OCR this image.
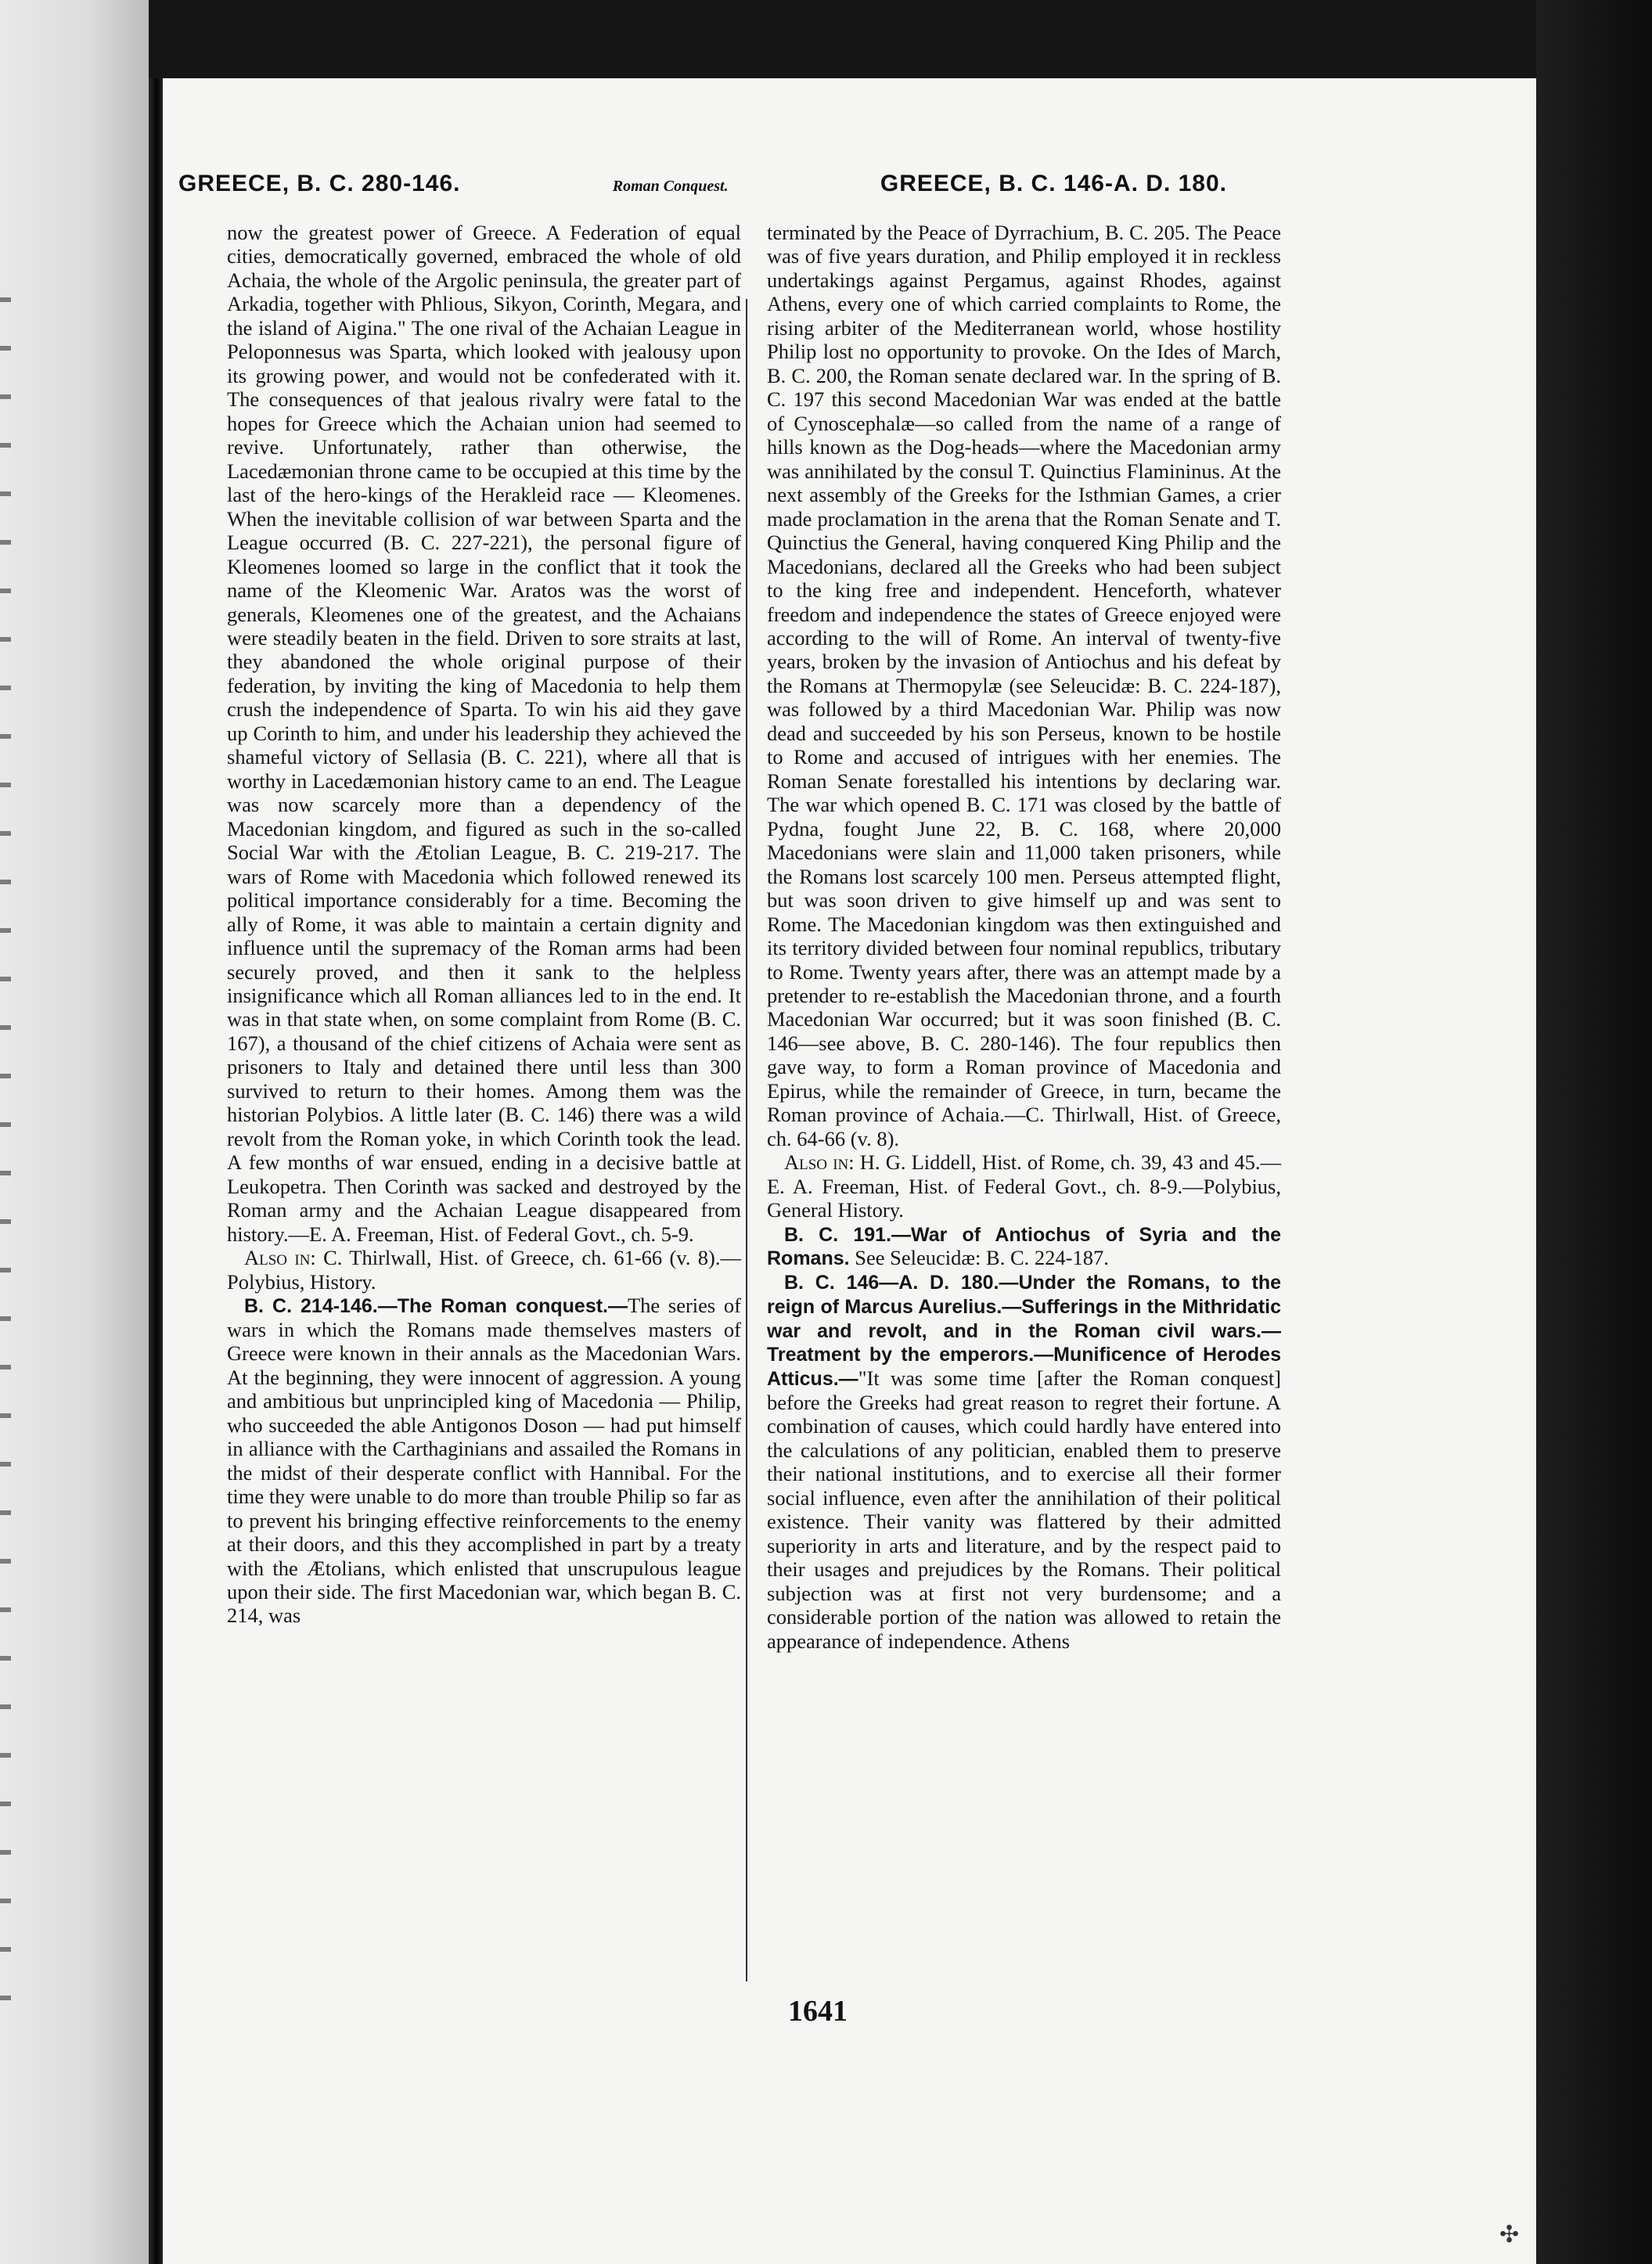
GREECE, B. C. 280-146.	Roman Conquest.	GREECE, B. C. 146-A. D. 180.

now the greatest power of Greece. A Federation of equal cities, democratically governed, embraced the whole of old Achaia, the whole of the Argolic peninsula, the greater part of Arkadia, together with Phlious, Sikyon, Corinth, Megara, and the island of Aigina." The one rival of the Achaian League in Peloponnesus was Sparta, which looked with jealousy upon its growing power, and would not be confederated with it. The consequences of that jealous rivalry were fatal to the hopes for Greece which the Achaian union had seemed to revive. Unfortunately, rather than otherwise, the Lacedæmonian throne came to be occupied at this time by the last of the hero-kings of the Herakleid race — Kleomenes. When the inevitable collision of war between Sparta and the League occurred (B. C. 227-221), the personal figure of Kleomenes loomed so large in the conflict that it took the name of the Kleomenic War. Aratos was the worst of generals, Kleomenes one of the greatest, and the Achaians were steadily beaten in the field. Driven to sore straits at last, they abandoned the whole original purpose of their federation, by inviting the king of Macedonia to help them crush the independence of Sparta. To win his aid they gave up Corinth to him, and under his leadership they achieved the shameful victory of Sellasia (B. C. 221), where all that is worthy in Lacedæmonian history came to an end. The League was now scarcely more than a dependency of the Macedonian kingdom, and figured as such in the so-called Social War with the Ætolian League, B. C. 219-217. The wars of Rome with Macedonia which followed renewed its political importance considerably for a time. Becoming the ally of Rome, it was able to maintain a certain dignity and influence until the supremacy of the Roman arms had been securely proved, and then it sank to the helpless insignificance which all Roman alliances led to in the end. It was in that state when, on some complaint from Rome (B. C. 167), a thousand of the chief citizens of Achaia were sent as prisoners to Italy and detained there until less than 300 survived to return to their homes. Among them was the historian Polybios. A little later (B. C. 146) there was a wild revolt from the Roman yoke, in which Corinth took the lead. A few months of war ensued, ending in a decisive battle at Leukopetra. Then Corinth was sacked and destroyed by the Roman army and the Achaian League disappeared from history.—E. A. Freeman, Hist. of Federal Govt., ch. 5-9.

Also in: C. Thirlwall, Hist. of Greece, ch. 61-66 (v. 8).—Polybius, History.

B. C. 214-146.—The Roman conquest.—The series of wars in which the Romans made themselves masters of Greece were known in their annals as the Macedonian Wars. At the beginning, they were innocent of aggression. A young and ambitious but unprincipled king of Macedonia — Philip, who succeeded the able Antigonos Doson — had put himself in alliance with the Carthaginians and assailed the Romans in the midst of their desperate conflict with Hannibal. For the time they were unable to do more than trouble Philip so far as to prevent his bringing effective reinforcements to the enemy at their doors, and this they accomplished in part by a treaty with the Ætolians, which enlisted that unscrupulous league upon their side. The first Macedonian war, which began B. C. 214, was

terminated by the Peace of Dyrrachium, B. C. 205. The Peace was of five years duration, and Philip employed it in reckless undertakings against Pergamus, against Rhodes, against Athens, every one of which carried complaints to Rome, the rising arbiter of the Mediterranean world, whose hostility Philip lost no opportunity to provoke. On the Ides of March, B. C. 200, the Roman senate declared war. In the spring of B. C. 197 this second Macedonian War was ended at the battle of Cynoscephalæ—so called from the name of a range of hills known as the Dog-heads—where the Macedonian army was annihilated by the consul T. Quinctius Flamininus. At the next assembly of the Greeks for the Isthmian Games, a crier made proclamation in the arena that the Roman Senate and T. Quinctius the General, having conquered King Philip and the Macedonians, declared all the Greeks who had been subject to the king free and independent. Henceforth, whatever freedom and independence the states of Greece enjoyed were according to the will of Rome. An interval of twenty-five years, broken by the invasion of Antiochus and his defeat by the Romans at Thermopylæ (see Seleucidæ: B. C. 224-187), was followed by a third Macedonian War. Philip was now dead and succeeded by his son Perseus, known to be hostile to Rome and accused of intrigues with her enemies. The Roman Senate forestalled his intentions by declaring war. The war which opened B. C. 171 was closed by the battle of Pydna, fought June 22, B. C. 168, where 20,000 Macedonians were slain and 11,000 taken prisoners, while the Romans lost scarcely 100 men. Perseus attempted flight, but was soon driven to give himself up and was sent to Rome. The Macedonian kingdom was then extinguished and its territory divided between four nominal republics, tributary to Rome. Twenty years after, there was an attempt made by a pretender to re-establish the Macedonian throne, and a fourth Macedonian War occurred; but it was soon finished (B. C. 146—see above, B. C. 280-146). The four republics then gave way, to form a Roman province of Macedonia and Epirus, while the remainder of Greece, in turn, became the Roman province of Achaia.—C. Thirlwall, Hist. of Greece, ch. 64-66 (v. 8).

Also in: H. G. Liddell, Hist. of Rome, ch. 39, 43 and 45.—E. A. Freeman, Hist. of Federal Govt., ch. 8-9.—Polybius, General History.

B. C. 191.—War of Antiochus of Syria and the Romans. See Seleucidæ: B. C. 224-187.

B. C. 146—A. D. 180.—Under the Romans, to the reign of Marcus Aurelius.—Sufferings in the Mithridatic war and revolt, and in the Roman civil wars.—Treatment by the emperors.—Munificence of Herodes Atticus.—"It was some time [after the Roman conquest] before the Greeks had great reason to regret their fortune. A combination of causes, which could hardly have entered into the calculations of any politician, enabled them to preserve their national institutions, and to exercise all their former social influence, even after the annihilation of their political existence. Their vanity was flattered by their admitted superiority in arts and literature, and by the respect paid to their usages and prejudices by the Romans. Their political subjection was at first not very burdensome; and a considerable portion of the nation was allowed to retain the appearance of independence. Athens

1641
✣
